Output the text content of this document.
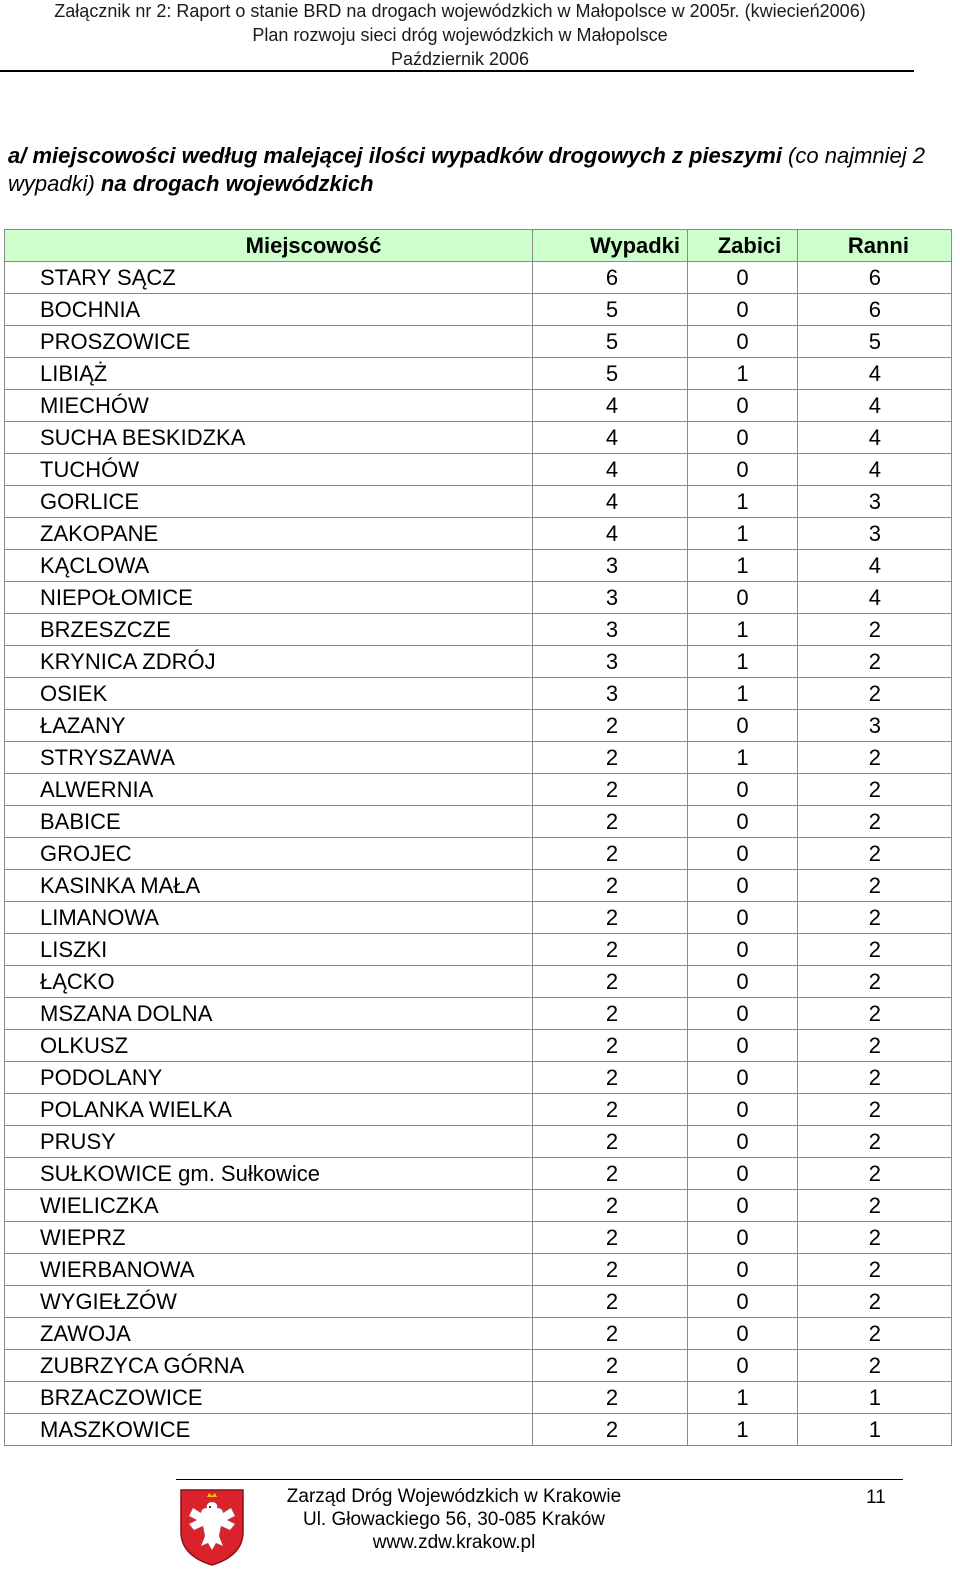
Załącznik nr 2: Raport o stanie BRD na drogach wojewódzkich w Małopolsce w 2005r. (kwiecień2006)
Plan rozwoju sieci dróg wojewódzkich w Małopolsce
Październik 2006
a/ miejscowości według malejącej ilości wypadków drogowych z pieszymi (co najmniej 2 wypadki) na drogach wojewódzkich
Miejscowość	Wypadki	Zabici	Ranni
STARY SĄCZ	6	0	6
BOCHNIA	5	0	6
PROSZOWICE	5	0	5
LIBIĄŻ	5	1	4
MIECHÓW	4	0	4
SUCHA BESKIDZKA	4	0	4
TUCHÓW	4	0	4
GORLICE	4	1	3
ZAKOPANE	4	1	3
KĄCLOWA	3	1	4
NIEPOŁOMICE	3	0	4
BRZESZCZE	3	1	2
KRYNICA ZDRÓJ	3	1	2
OSIEK	3	1	2
ŁAZANY	2	0	3
STRYSZAWA	2	1	2
ALWERNIA	2	0	2
BABICE	2	0	2
GROJEC	2	0	2
KASINKA MAŁA	2	0	2
LIMANOWA	2	0	2
LISZKI	2	0	2
ŁĄCKO	2	0	2
MSZANA DOLNA	2	0	2
OLKUSZ	2	0	2
PODOLANY	2	0	2
POLANKA WIELKA	2	0	2
PRUSY	2	0	2
SUŁKOWICE gm. Sułkowice	2	0	2
WIELICZKA	2	0	2
WIEPRZ	2	0	2
WIERBANOWA	2	0	2
WYGIEŁZÓW	2	0	2
ZAWOJA	2	0	2
ZUBRZYCA GÓRNA	2	0	2
BRZACZOWICE	2	1	1
MASZKOWICE	2	1	1
Zarząd Dróg Wojewódzkich w Krakowie
Ul. Głowackiego 56, 30-085 Kraków
www.zdw.krakow.pl
11
